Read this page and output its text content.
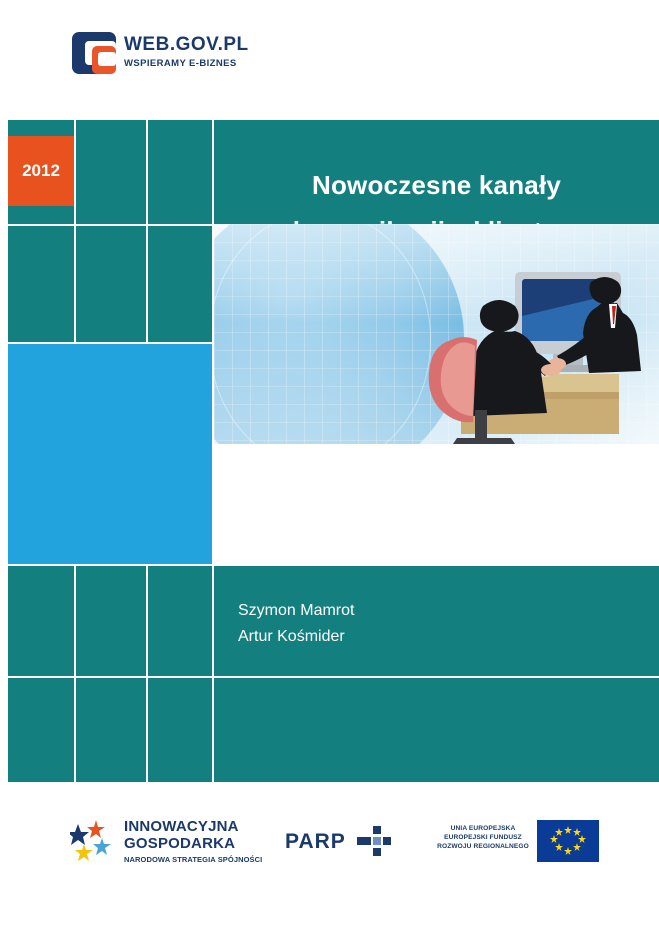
WEB.GOV.PL
WSPIERAMY E-BIZNES
2012	Nowoczesne kanały
Szymon Mamrot
Artur Kośmider
INNOWACYJNA
GOSPODARKA
NARODOWA STRATEGIA SPÓJNOŚCI
PARP
UNIA EUROPEJSKA
EUROPEJSKI FUNDUSZ
ROZWOJU REGIONALNEGO
